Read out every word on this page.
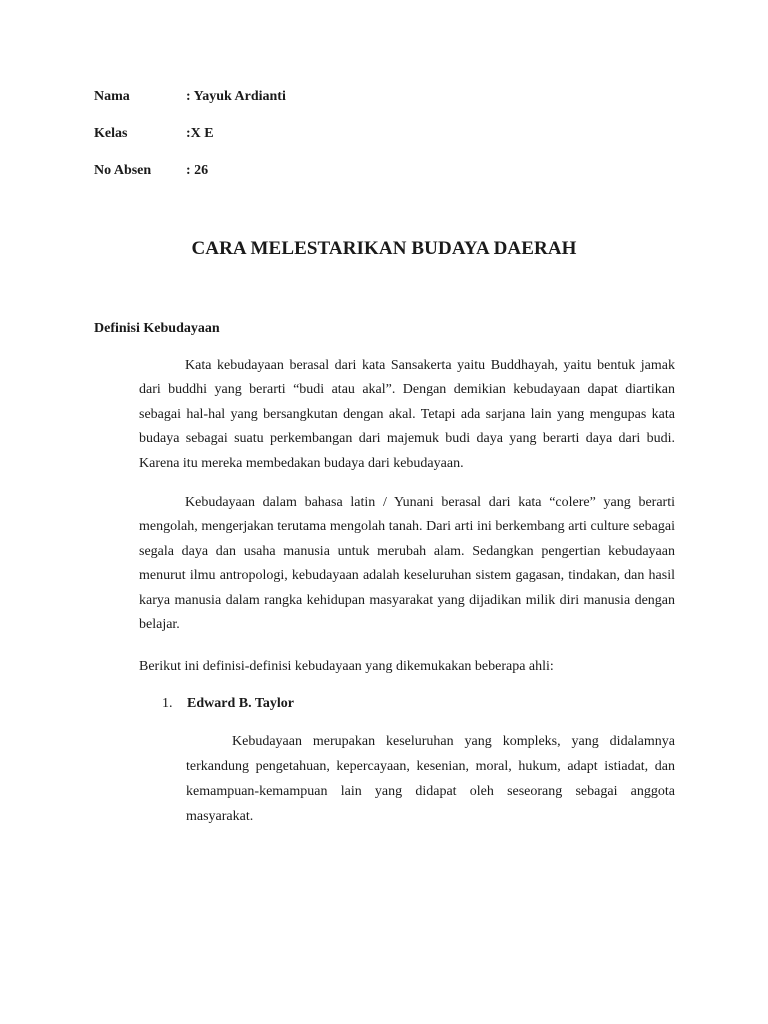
Nama	: Yayuk Ardianti
Kelas	:X E
No Absen : 26
CARA MELESTARIKAN BUDAYA DAERAH
Definisi Kebudayaan

Kata kebudayaan berasal dari kata Sansakerta yaitu Buddhayah, yaitu bentuk jamak dari buddhi yang berarti “budi atau akal”. Dengan demikian kebudayaan dapat diartikan sebagai hal-hal yang bersangkutan dengan akal. Tetapi ada sarjana lain yang mengupas kata budaya sebagai suatu perkembangan dari majemuk budi daya yang berarti daya dari budi. Karena itu mereka membedakan budaya dari kebudayaan.

Kebudayaan dalam bahasa latin / Yunani berasal dari kata “colere” yang berarti mengolah, mengerjakan terutama mengolah tanah. Dari arti ini berkembang arti culture sebagai segala daya dan usaha manusia untuk merubah alam. Sedangkan pengertian kebudayaan menurut ilmu antropologi, kebudayaan adalah keseluruhan sistem gagasan, tindakan, dan hasil karya manusia dalam rangka kehidupan masyarakat yang dijadikan milik diri manusia dengan belajar.

Berikut ini definisi-definisi kebudayaan yang dikemukakan beberapa ahli:

1. Edward B. Taylor

Kebudayaan merupakan keseluruhan yang kompleks, yang didalamnya terkandung pengetahuan, kepercayaan, kesenian, moral, hukum, adapt istiadat, dan kemampuan-kemampuan lain yang didapat oleh seseorang sebagai anggota masyarakat.
